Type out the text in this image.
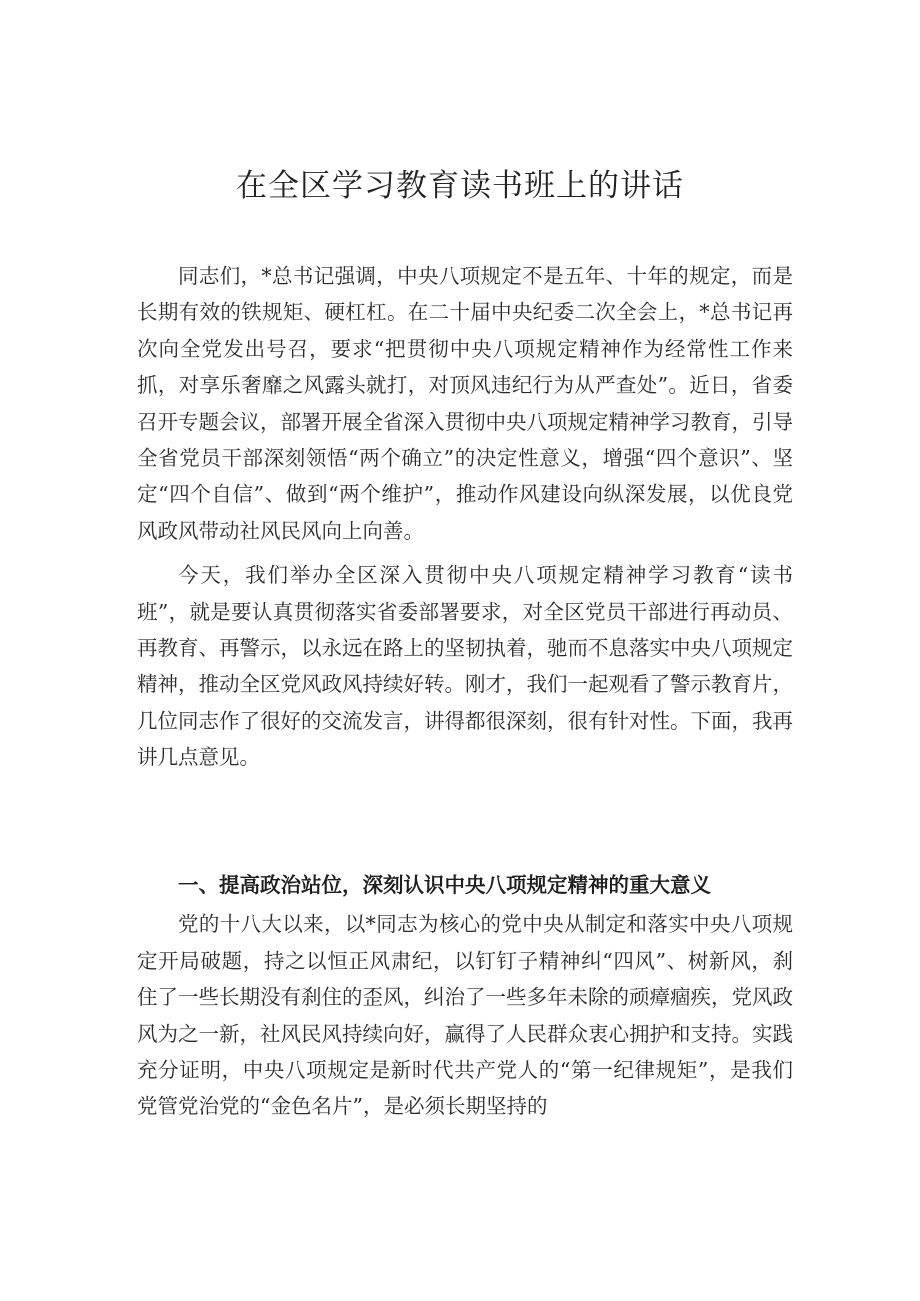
在全区学习教育读书班上的讲话

同志们，*总书记强调，中央八项规定不是五年、十年的规定，而是长期有效的铁规矩、硬杠杠。在二十届中央纪委二次全会上，*总书记再次向全党发出号召，要求“把贯彻中央八项规定精神作为经常性工作来抓，对享乐奢靡之风露头就打，对顶风违纪行为从严查处”。近日，省委召开专题会议，部署开展全省深入贯彻中央八项规定精神学习教育，引导全省党员干部深刻领悟“两个确立”的决定性意义，增强“四个意识”、坚定“四个自信”、做到“两个维护”，推动作风建设向纵深发展，以优良党风政风带动社风民风向上向善。

今天，我们举办全区深入贯彻中央八项规定精神学习教育“读书班”，就是要认真贯彻落实省委部署要求，对全区党员干部进行再动员、再教育、再警示，以永远在路上的坚韧执着，驰而不息落实中央八项规定精神，推动全区党风政风持续好转。刚才，我们一起观看了警示教育片，几位同志作了很好的交流发言，讲得都很深刻，很有针对性。下面，我再讲几点意见。

一、提高政治站位，深刻认识中央八项规定精神的重大意义

党的十八大以来，以*同志为核心的党中央从制定和落实中央八项规定开局破题，持之以恒正风肃纪，以钉钉子精神纠“四风”、树新风，刹住了一些长期没有刹住的歪风，纠治了一些多年未除的顽瘴痼疾，党风政风为之一新，社风民风持续向好，赢得了人民群众衷心拥护和支持。实践充分证明，中央八项规定是新时代共产党人的“第一纪律规矩”，是我们党管党治党的“金色名片”，是必须长期坚持的
